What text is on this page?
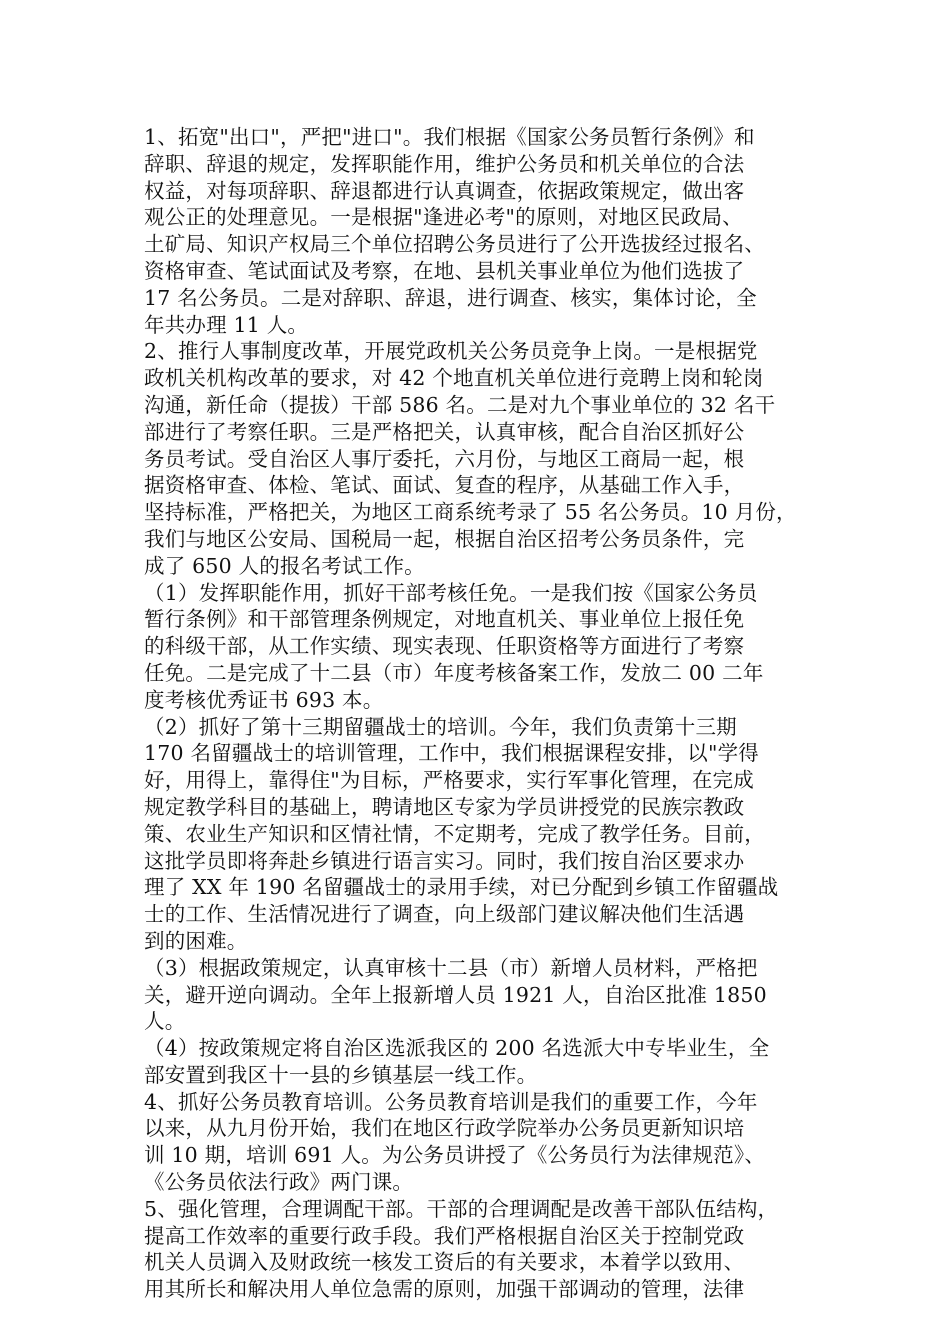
1、拓宽"出口"，严把"进口"。我们根据《国家公务员暂行条例》和
辞职、辞退的规定，发挥职能作用，维护公务员和机关单位的合法
权益，对每项辞职、辞退都进行认真调查，依据政策规定，做出客
观公正的处理意见。一是根据"逢进必考"的原则，对地区民政局、
土矿局、知识产权局三个单位招聘公务员进行了公开选拔经过报名、
资格审查、笔试面试及考察，在地、县机关事业单位为他们选拔了
17 名公务员。二是对辞职、辞退，进行调查、核实，集体讨论，全
年共办理 11 人。
2、推行人事制度改革，开展党政机关公务员竞争上岗。一是根据党
政机关机构改革的要求，对 42 个地直机关单位进行竞聘上岗和轮岗
沟通，新任命（提拔）干部 586 名。二是对九个事业单位的 32 名干
部进行了考察任职。三是严格把关，认真审核，配合自治区抓好公
务员考试。受自治区人事厅委托，六月份，与地区工商局一起，根
据资格审查、体检、笔试、面试、复查的程序，从基础工作入手，
坚持标准，严格把关，为地区工商系统考录了 55 名公务员。10 月份，
我们与地区公安局、国税局一起，根据自治区招考公务员条件，完
成了 650 人的报名考试工作。
（1）发挥职能作用，抓好干部考核任免。一是我们按《国家公务员
暂行条例》和干部管理条例规定，对地直机关、事业单位上报任免
的科级干部，从工作实绩、现实表现、任职资格等方面进行了考察
任免。二是完成了十二县（市）年度考核备案工作，发放二 00 二年
度考核优秀证书 693 本。
（2）抓好了第十三期留疆战士的培训。今年，我们负责第十三期
170 名留疆战士的培训管理，工作中，我们根据课程安排，以"学得
好，用得上，靠得住"为目标，严格要求，实行军事化管理，在完成
规定教学科目的基础上，聘请地区专家为学员讲授党的民族宗教政
策、农业生产知识和区情社情，不定期考，完成了教学任务。目前，
这批学员即将奔赴乡镇进行语言实习。同时，我们按自治区要求办
理了 XX 年 190 名留疆战士的录用手续，对已分配到乡镇工作留疆战
士的工作、生活情况进行了调查，向上级部门建议解决他们生活遇
到的困难。
（3）根据政策规定，认真审核十二县（市）新增人员材料，严格把
关，避开逆向调动。全年上报新增人员 1921 人，自治区批准 1850
人。
（4）按政策规定将自治区选派我区的 200 名选派大中专毕业生，全
部安置到我区十一县的乡镇基层一线工作。
4、抓好公务员教育培训。公务员教育培训是我们的重要工作，今年
以来，从九月份开始，我们在地区行政学院举办公务员更新知识培
训 10 期，培训 691 人。为公务员讲授了《公务员行为法律规范》、
《公务员依法行政》两门课。
5、强化管理，合理调配干部。干部的合理调配是改善干部队伍结构，
提高工作效率的重要行政手段。我们严格根据自治区关于控制党政
机关人员调入及财政统一核发工资后的有关要求，本着学以致用、
用其所长和解决用人单位急需的原则，加强干部调动的管理，法律
